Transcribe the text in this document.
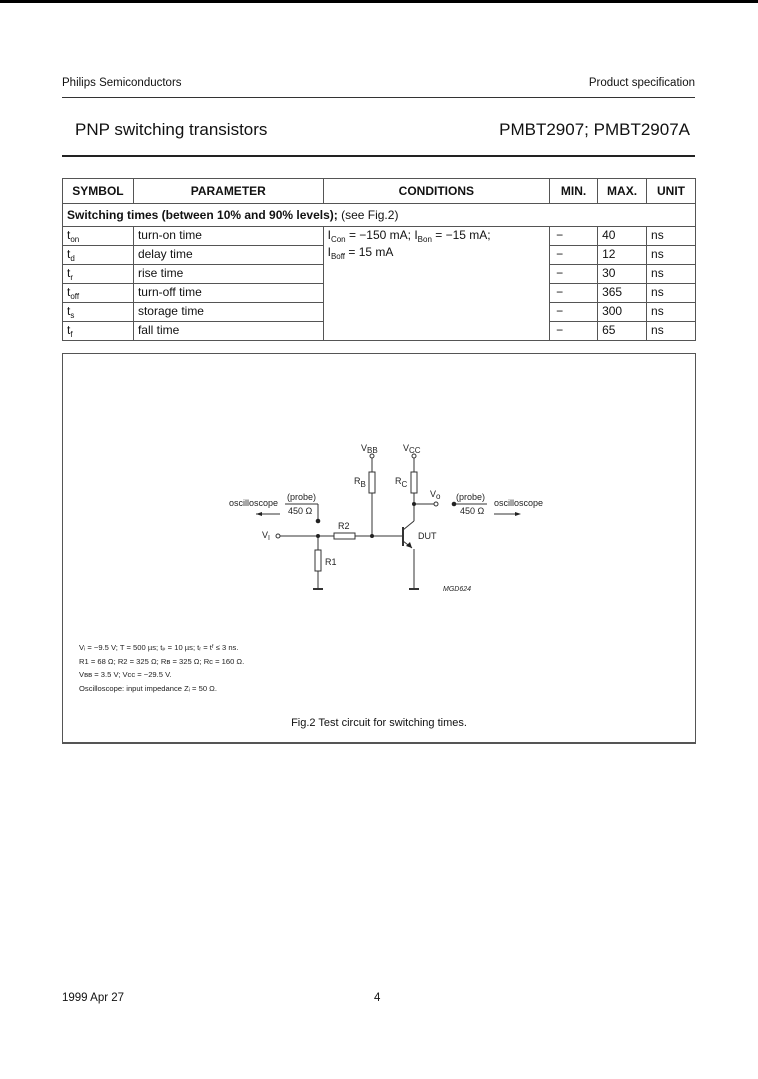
Philips Semiconductors	Product specification
PNP switching transistors	PMBT2907; PMBT2907A
SYMBOL	PARAMETER	CONDITIONS	MIN.	MAX.	UNIT
Switching times (between 10% and 90% levels); (see Fig.2)					
$t_{on}$	turn-on time	$I_{Con} = -150$ mA; $I_{Bon} = -15$ mA;
$I_{Boff} = 15$ mA	−	40	ns
$t_d$	delay time		−	12	ns
$t_r$	rise time		−	30	ns
$t_{off}$	turn-off time		−	365	ns
$t_s$	storage time		−	300	ns
$t_f$	fall time		−	65	ns
VBB	VCC
RB	RC
Vo
$V_I$
R1
R2
DUT
(probe)
450 Ω
oscilloscope
(probe)
450 Ω
oscilloscope
MGD624
Vᵢ = −9.5 V; T = 500 µs; tₚ = 10 µs; tᵣ = tᶠ ≤ 3 ns.
R1 = 68 Ω; R2 = 325 Ω; Rʙ = 325 Ω; Rᴄ = 160 Ω.
Vʙʙ = 3.5 V; Vᴄᴄ = −29.5 V.
Oscilloscope: input impedance Zᵢ = 50 Ω.
Fig.2 Test circuit for switching times.
1999 Apr 27	4
